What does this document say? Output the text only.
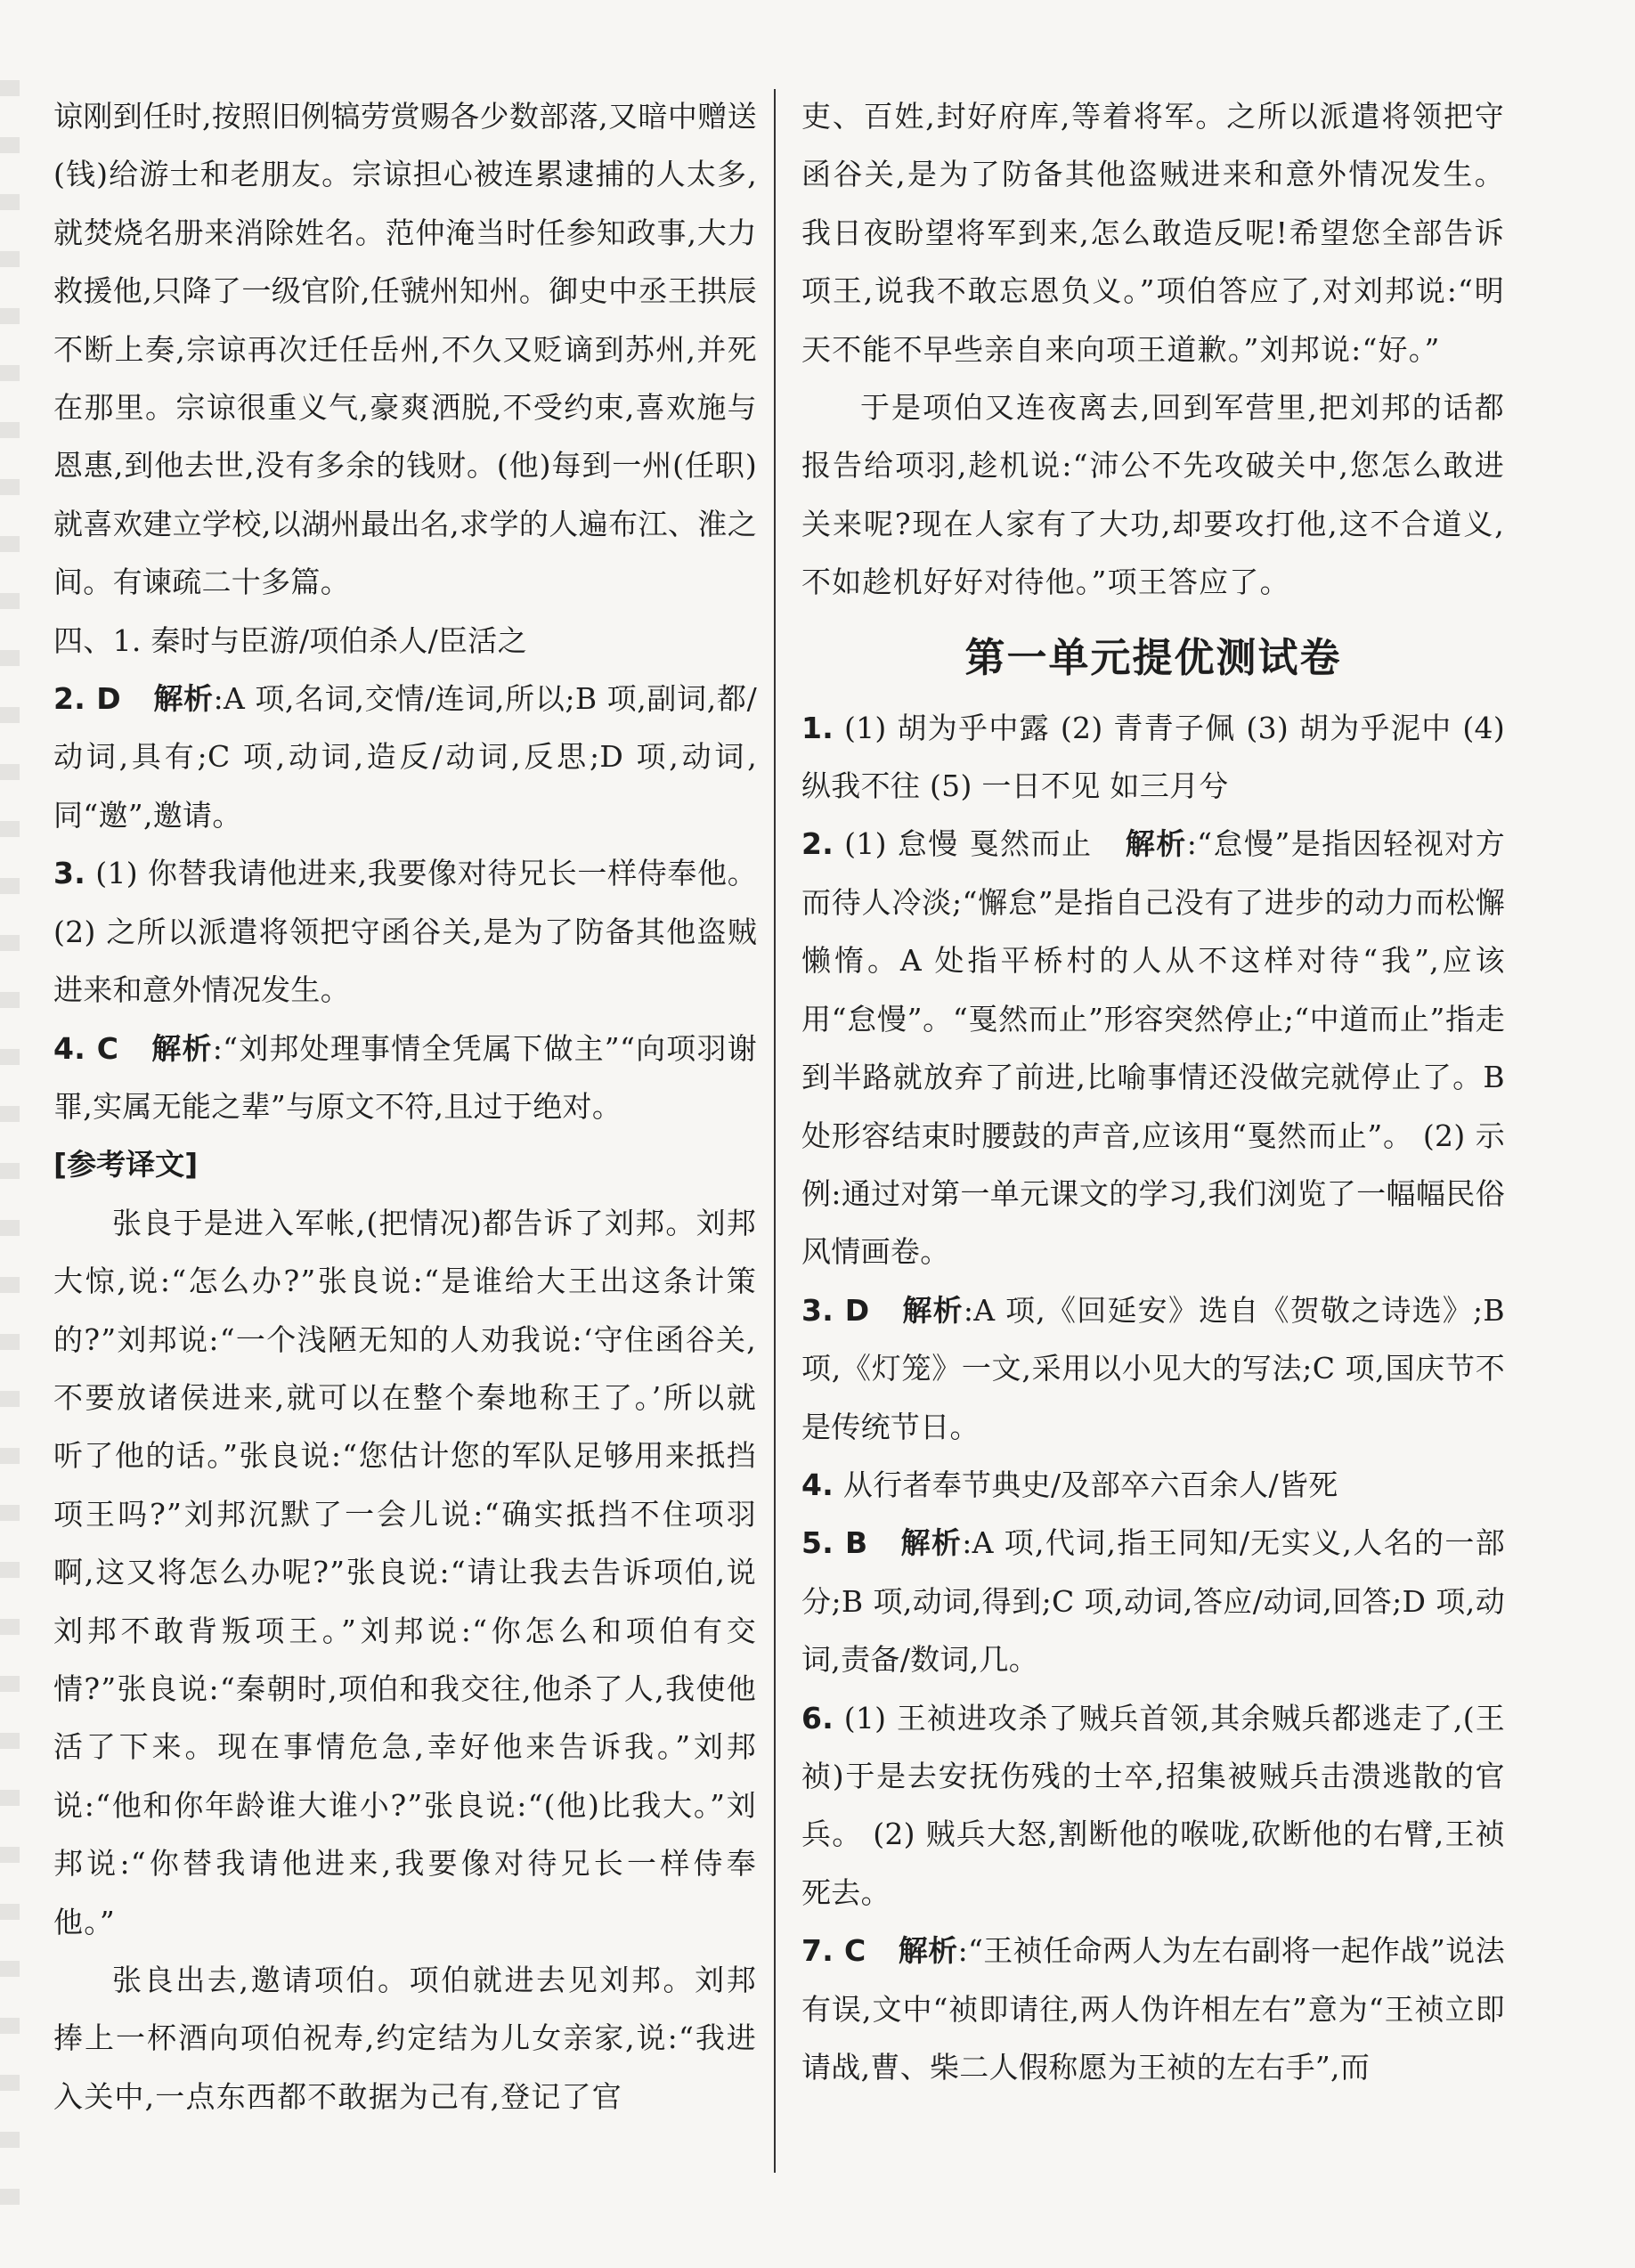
谅刚到任时,按照旧例犒劳赏赐各少数部落,又暗中赠送(钱)给游士和老朋友。宗谅担心被连累逮捕的人太多,就焚烧名册来消除姓名。范仲淹当时任参知政事,大力救援他,只降了一级官阶,任虢州知州。御史中丞王拱辰不断上奏,宗谅再次迁任岳州,不久又贬谪到苏州,并死在那里。宗谅很重义气,豪爽洒脱,不受约束,喜欢施与恩惠,到他去世,没有多余的钱财。(他)每到一州(任职)就喜欢建立学校,以湖州最出名,求学的人遍布江、淮之间。有谏疏二十多篇。

四、1. 秦时与臣游/项伯杀人/臣活之

2. D 解析:A 项,名词,交情/连词,所以;B 项,副词,都/动词,具有;C 项,动词,造反/动词,反思;D 项,动词,同“邀”,邀请。

3. (1) 你替我请他进来,我要像对待兄长一样侍奉他。 (2) 之所以派遣将领把守函谷关,是为了防备其他盗贼进来和意外情况发生。

4. C 解析:“刘邦处理事情全凭属下做主”“向项羽谢罪,实属无能之辈”与原文不符,且过于绝对。

[参考译文]

张良于是进入军帐,(把情况)都告诉了刘邦。刘邦大惊,说:“怎么办?”张良说:“是谁给大王出这条计策的?”刘邦说:“一个浅陋无知的人劝我说:‘守住函谷关,不要放诸侯进来,就可以在整个秦地称王了。’所以就听了他的话。”张良说:“您估计您的军队足够用来抵挡项王吗?”刘邦沉默了一会儿说:“确实抵挡不住项羽啊,这又将怎么办呢?”张良说:“请让我去告诉项伯,说刘邦不敢背叛项王。”刘邦说:“你怎么和项伯有交情?”张良说:“秦朝时,项伯和我交往,他杀了人,我使他活了下来。现在事情危急,幸好他来告诉我。”刘邦说:“他和你年龄谁大谁小?”张良说:“(他)比我大。”刘邦说:“你替我请他进来,我要像对待兄长一样侍奉他。”

张良出去,邀请项伯。项伯就进去见刘邦。刘邦捧上一杯酒向项伯祝寿,约定结为儿女亲家,说:“我进入关中,一点东西都不敢据为己有,登记了官

吏、百姓,封好府库,等着将军。之所以派遣将领把守函谷关,是为了防备其他盗贼进来和意外情况发生。我日夜盼望将军到来,怎么敢造反呢!希望您全部告诉项王,说我不敢忘恩负义。”项伯答应了,对刘邦说:“明天不能不早些亲自来向项王道歉。”刘邦说:“好。”

于是项伯又连夜离去,回到军营里,把刘邦的话都报告给项羽,趁机说:“沛公不先攻破关中,您怎么敢进关来呢?现在人家有了大功,却要攻打他,这不合道义,不如趁机好好对待他。”项王答应了。

第一单元提优测试卷

1. (1) 胡为乎中露 (2) 青青子佩 (3) 胡为乎泥中 (4) 纵我不往 (5) 一日不见 如三月兮

2. (1) 怠慢 戛然而止 解析:“怠慢”是指因轻视对方而待人冷淡;“懈怠”是指自己没有了进步的动力而松懈懒惰。A 处指平桥村的人从不这样对待“我”,应该用“怠慢”。“戛然而止”形容突然停止;“中道而止”指走到半路就放弃了前进,比喻事情还没做完就停止了。B 处形容结束时腰鼓的声音,应该用“戛然而止”。 (2) 示例:通过对第一单元课文的学习,我们浏览了一幅幅民俗风情画卷。

3. D 解析:A 项,《回延安》选自《贺敬之诗选》;B 项,《灯笼》一文,采用以小见大的写法;C 项,国庆节不是传统节日。

4. 从行者奉节典史/及部卒六百余人/皆死

5. B 解析:A 项,代词,指王同知/无实义,人名的一部分;B 项,动词,得到;C 项,动词,答应/动词,回答;D 项,动词,责备/数词,几。

6. (1) 王祯进攻杀了贼兵首领,其余贼兵都逃走了,(王祯)于是去安抚伤残的士卒,招集被贼兵击溃逃散的官兵。 (2) 贼兵大怒,割断他的喉咙,砍断他的右臂,王祯死去。

7. C 解析:“王祯任命两人为左右副将一起作战”说法有误,文中“祯即请往,两人伪许相左右”意为“王祯立即请战,曹、柴二人假称愿为王祯的左右手”,而
